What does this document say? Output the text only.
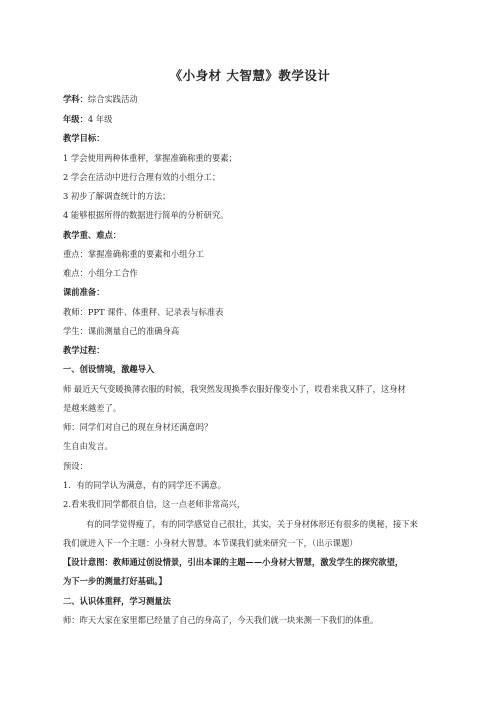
《小身材 大智慧》教学设计
学科：综合实践活动
年级：4 年级
教学目标：
1 学会使用两种体重秤，掌握准确称重的要素；
2 学会在活动中进行合理有效的小组分工；
3 初步了解调查统计的方法；
4 能够根据所得的数据进行简单的分析研究。
教学重、难点：
重点：掌握准确称重的要素和小组分工
难点：小组分工合作
课前准备：
教师：PPT 课件、体重秤、记录表与标准表
学生：课前测量自己的准确身高
教学过程：
一、创设情境，激趣导入
师 最近天气变暖换薄衣服的时候，我突然发现换季衣服好像变小了，哎看来我又胖了，这身材
是越来越差了。
师：同学们对自己的现在身材还满意吗？
生自由发言。
预设：
1．有的同学认为满意，有的同学还不满意。
2.看来我们同学都很自信，这一点老师非常高兴，
有的同学觉得瘦了，有的同学感觉自己很壮，其实，关于身材体形还有很多的奥秘，接下来
我们就进入下一个主题：小身材大智慧。本节课我们就来研究一下，（出示课题）
【设计意图：教师通过创设情景，引出本课的主题——小身材大智慧，激发学生的探究欲望，
为下一步的测量打好基础。】
二、认识体重秤，学习测量法
师：昨天大家在家里都已经量了自己的身高了，今天我们就一块来测一下我们的体重。
